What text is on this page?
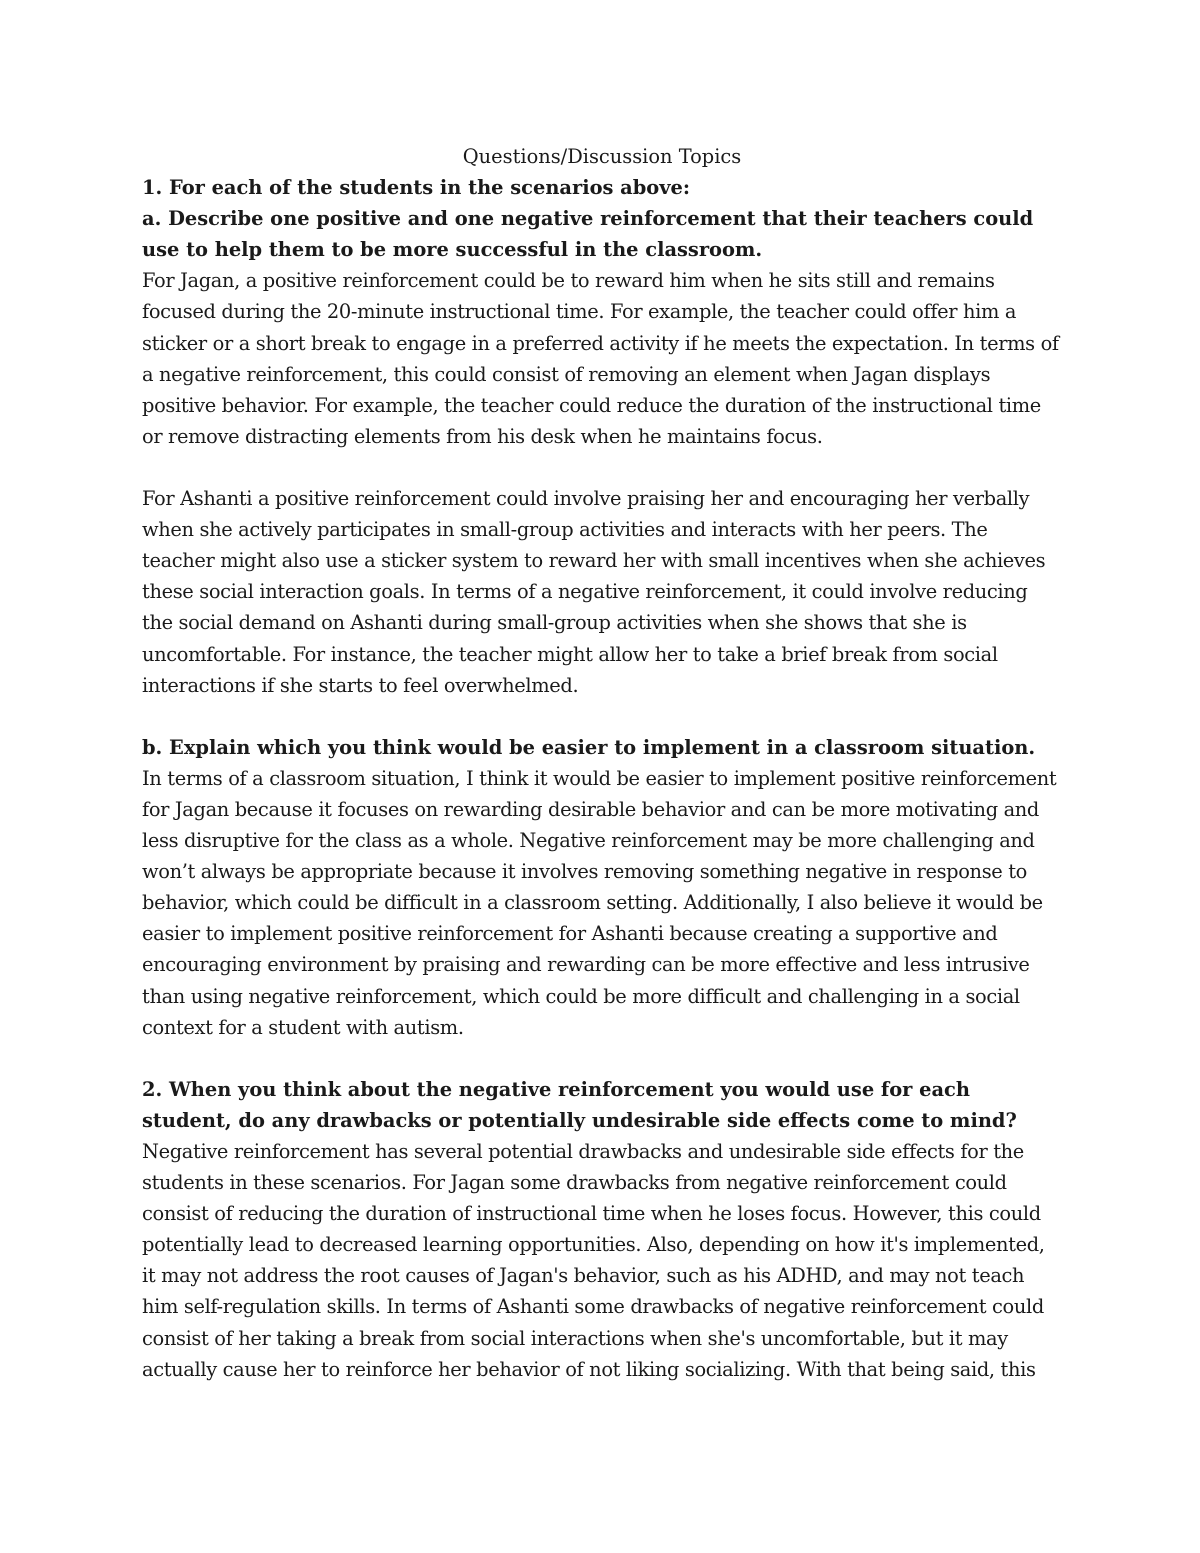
Questions/Discussion Topics

1. For each of the students in the scenarios above:

a. Describe one positive and one negative reinforcement that their teachers could use to help them to be more successful in the classroom.

For Jagan, a positive reinforcement could be to reward him when he sits still and remains focused during the 20-minute instructional time. For example, the teacher could offer him a sticker or a short break to engage in a preferred activity if he meets the expectation. In terms of a negative reinforcement, this could consist of removing an element when Jagan displays positive behavior. For example, the teacher could reduce the duration of the instructional time or remove distracting elements from his desk when he maintains focus.

For Ashanti a positive reinforcement could involve praising her and encouraging her verbally when she actively participates in small-group activities and interacts with her peers. The teacher might also use a sticker system to reward her with small incentives when she achieves these social interaction goals. In terms of a negative reinforcement, it could involve reducing the social demand on Ashanti during small-group activities when she shows that she is uncomfortable. For instance, the teacher might allow her to take a brief break from social interactions if she starts to feel overwhelmed.

b. Explain which you think would be easier to implement in a classroom situation.

In terms of a classroom situation, I think it would be easier to implement positive reinforcement for Jagan because it focuses on rewarding desirable behavior and can be more motivating and less disruptive for the class as a whole. Negative reinforcement may be more challenging and won’t always be appropriate because it involves removing something negative in response to behavior, which could be difficult in a classroom setting. Additionally, I also believe it would be easier to implement positive reinforcement for Ashanti because creating a supportive and encouraging environment by praising and rewarding can be more effective and less intrusive than using negative reinforcement, which could be more difficult and challenging in a social context for a student with autism.

2. When you think about the negative reinforcement you would use for each student, do any drawbacks or potentially undesirable side effects come to mind?

Negative reinforcement has several potential drawbacks and undesirable side effects for the students in these scenarios. For Jagan some drawbacks from negative reinforcement could consist of reducing the duration of instructional time when he loses focus. However, this could potentially lead to decreased learning opportunities. Also, depending on how it's implemented, it may not address the root causes of Jagan's behavior, such as his ADHD, and may not teach him self-regulation skills. In terms of Ashanti some drawbacks of negative reinforcement could consist of her taking a break from social interactions when she's uncomfortable, but it may actually cause her to reinforce her behavior of not liking socializing. With that being said, this
